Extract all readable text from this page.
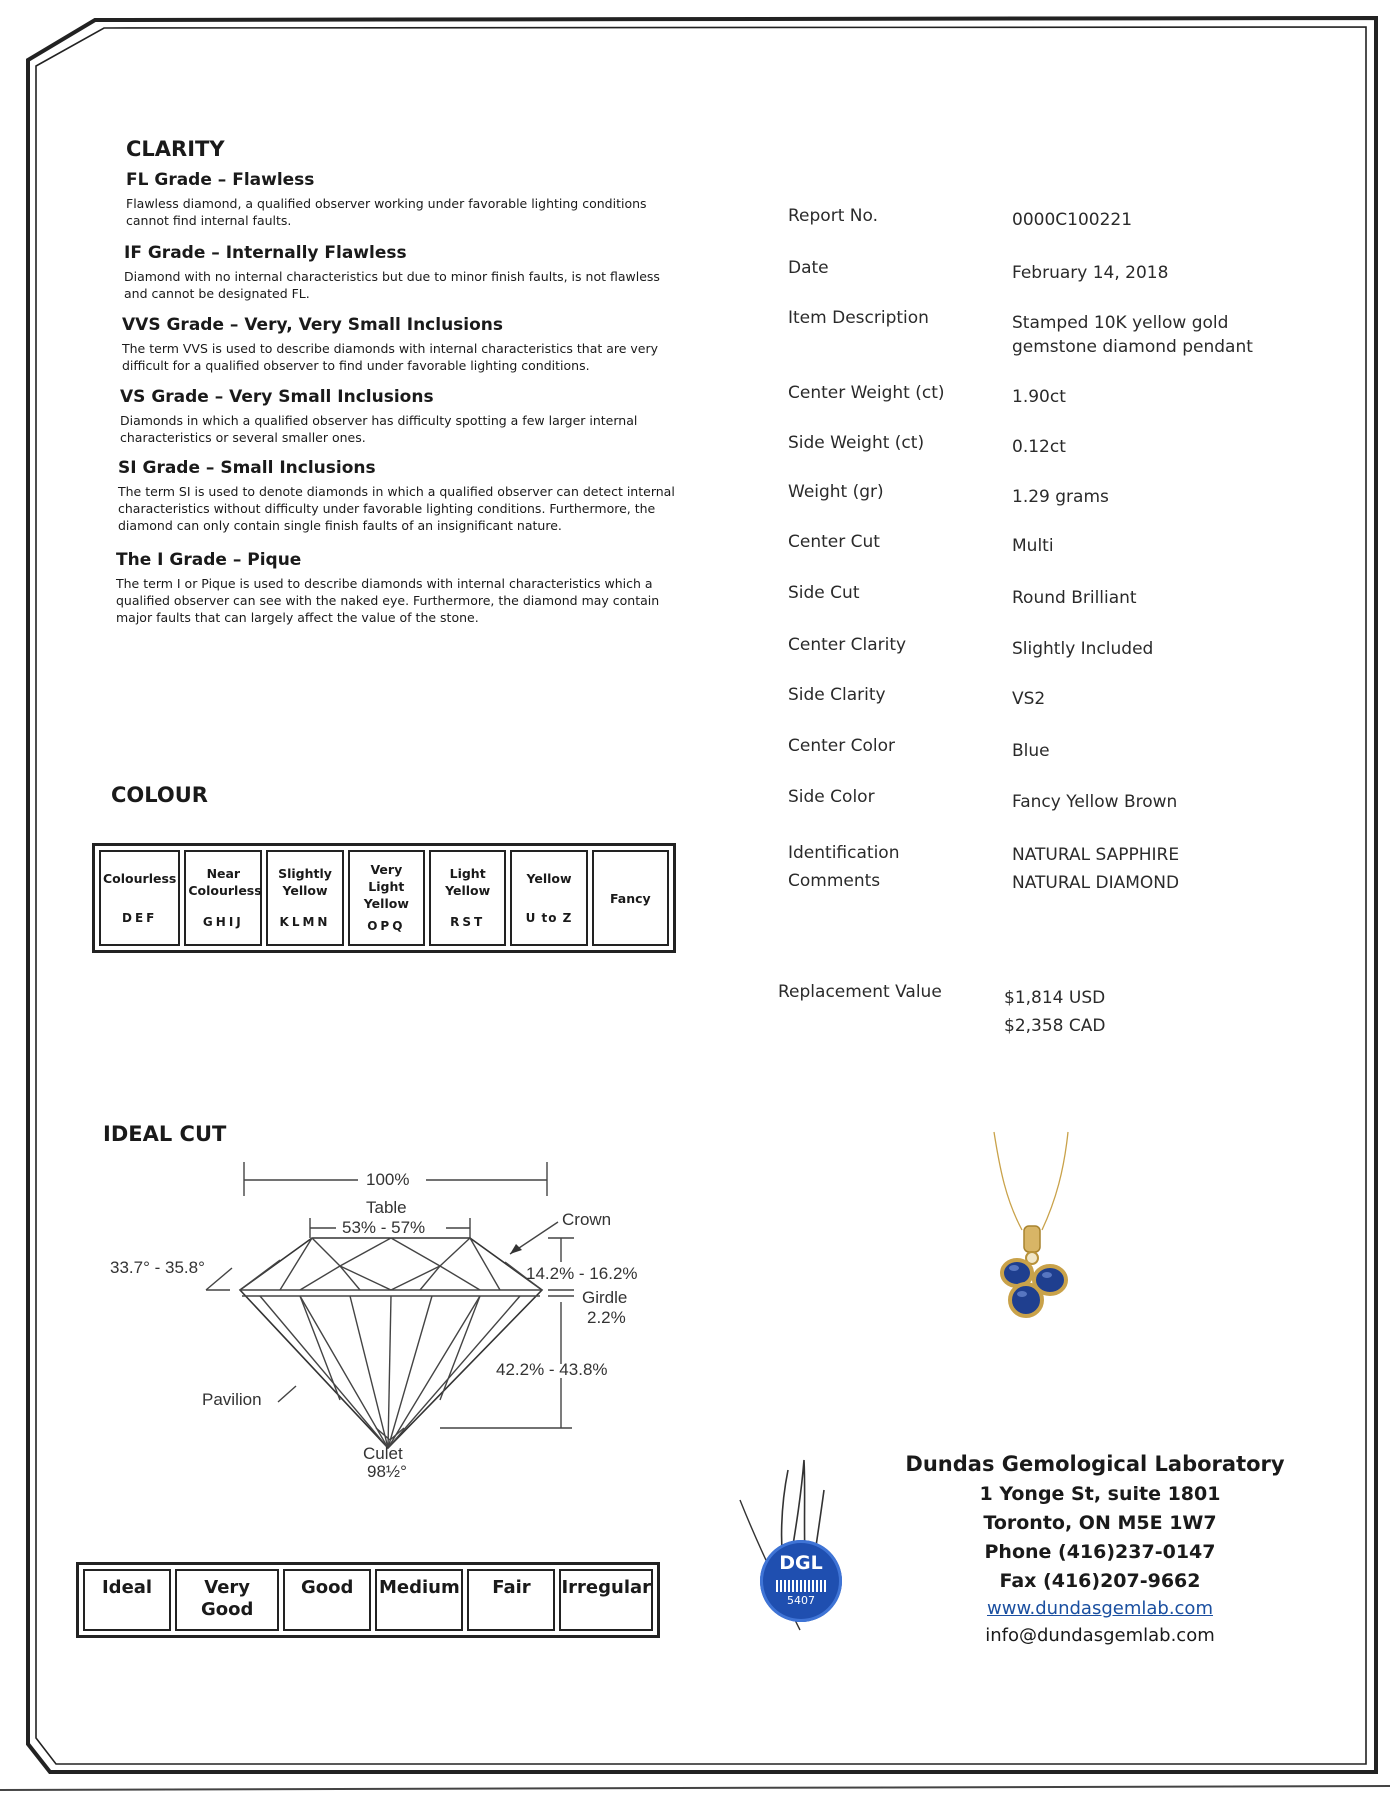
CLARITY
FL Grade – Flawless
Flawless diamond, a qualified observer working under favorable lighting conditions cannot find internal faults.
IF Grade – Internally Flawless
Diamond with no internal characteristics but due to minor finish faults, is not flawless and cannot be designated FL.
VVS Grade – Very, Very Small Inclusions
The term VVS is used to describe diamonds with internal characteristics that are very difficult for a qualified observer to find under favorable lighting conditions.
VS Grade – Very Small Inclusions
Diamonds in which a qualified observer has difficulty spotting a few larger internal characteristics or several smaller ones.
SI Grade – Small Inclusions
The term SI is used to denote diamonds in which a qualified observer can detect internal characteristics without difficulty under favorable lighting conditions. Furthermore, the diamond can only contain single finish faults of an insignificant nature.
The I Grade – Pique
The term I or Pique is used to describe diamonds with internal characteristics which a qualified observer can see with the naked eye. Furthermore, the diamond may contain major faults that can largely affect the value of the stone.
COLOUR
Colourless
DEF
Near Colourless
GHIJ
Slightly Yellow
KLMN
Very Light Yellow
OPQ
Light Yellow
RST
Yellow
U to Z
Fancy
IDEAL CUT
100%
Table
53% - 57%	Crown
33.7° - 35.8°	14.2% - 16.2%
Girdle
2.2%
42.2% - 43.8%
Pavilion
Culet
98½°
Ideal	Very Good
Good	Medium	Fair	Irregular
Report No.	0000C100221
Date	February 14, 2018
Item Description	Stamped 10K yellow gold
gemstone diamond pendant
Center Weight (ct)	1.90ct
Side Weight (ct)	0.12ct
Weight (gr)	1.29 grams
Center Cut	Multi
Side Cut	Round Brilliant
Center Clarity	Slightly Included
Side Clarity	VS2
Center Color	Blue
Side Color	Fancy Yellow Brown
Identification Comments
NATURAL SAPPHIRE
NATURAL DIAMOND
Replacement Value	$1,814 USD
$2,358 CAD
DGL
5407
Dundas Gemological Laboratory
1 Yonge St, suite 1801
Toronto, ON M5E 1W7
Phone (416)237-0147
Fax (416)207-9662
www.dundasgemlab.com
info@dundasgemlab.com
